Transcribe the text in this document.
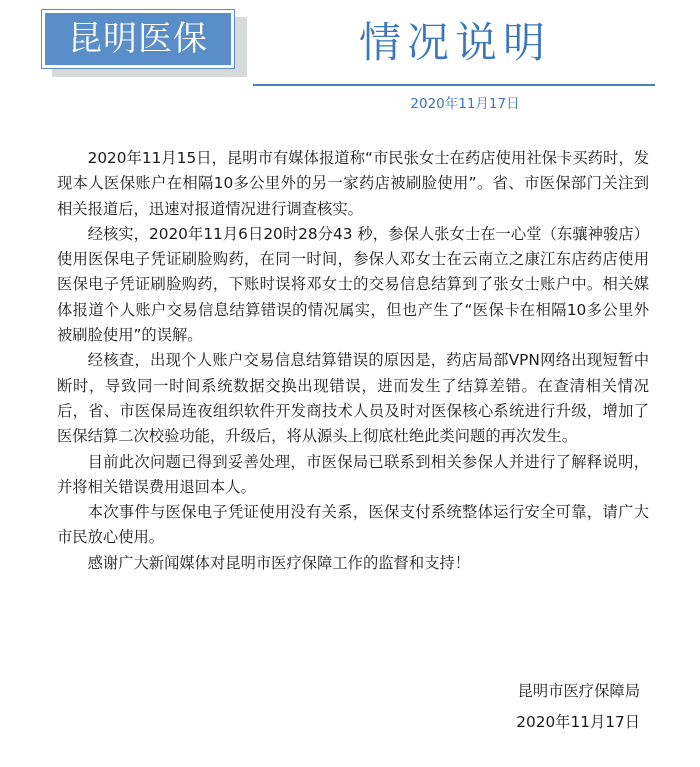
昆明医保	情况说明
2020年11月17日

2020年11月15日，昆明市有媒体报道称“市民张女士在药店使用社保卡买药时，发现本人医保账户在相隔10多公里外的另一家药店被刷脸使用”。省、市医保部门关注到相关报道后，迅速对报道情况进行调查核实。

经核实，2020年11月6日20时28分43 秒，参保人张女士在一心堂（东骧神骏店）使用医保电子凭证刷脸购药，在同一时间，参保人邓女士在云南立之康江东店药店使用医保电子凭证刷脸购药，下账时误将邓女士的交易信息结算到了张女士账户中。相关媒体报道个人账户交易信息结算错误的情况属实，但也产生了“医保卡在相隔10多公里外被刷脸使用”的误解。

经核查，出现个人账户交易信息结算错误的原因是，药店局部VPN网络出现短暂中断时，导致同一时间系统数据交换出现错误，进而发生了结算差错。在查清相关情况后，省、市医保局连夜组织软件开发商技术人员及时对医保核心系统进行升级，增加了医保结算二次校验功能，升级后，将从源头上彻底杜绝此类问题的再次发生。

目前此次问题已得到妥善处理，市医保局已联系到相关参保人并进行了解释说明，并将相关错误费用退回本人。

本次事件与医保电子凭证使用没有关系，医保支付系统整体运行安全可靠，请广大市民放心使用。

感谢广大新闻媒体对昆明市医疗保障工作的监督和支持！

昆明市医疗保障局
2020年11月17日
